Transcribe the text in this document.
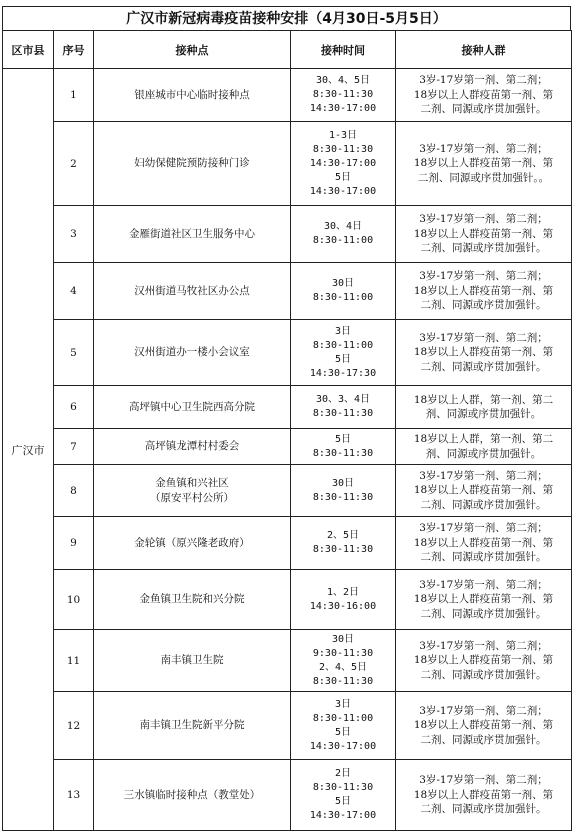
广汉市新冠病毒疫苗接种安排（4月30日-5月5日）
区市县	序号	接种点	接种时间	接种人群
广汉市	1	银座城市中心临时接种点	30、4、5日
8:30-11:30
14:30-17:00	3岁-17岁第一剂、第二剂；
18岁以上人群疫苗第一剂、第
二剂、同源或序贯加强针。

	2	妇幼保健院预防接种门诊	1-3日
8:30-11:30
14:30-17:00
5日
14:30-17:00	3岁-17岁第一剂、第二剂；
18岁以上人群疫苗第一剂、第
二剂、同源或序贯加强针。。

	3	金雁街道社区卫生服务中心	30、4日
8:30-11:00	3岁-17岁第一剂、第二剂；
18岁以上人群疫苗第一剂、第
二剂、同源或序贯加强针。

	4	汉州街道马牧社区办公点	30日
8:30-11:00	3岁-17岁第一剂、第二剂；
18岁以上人群疫苗第一剂、第
二剂、同源或序贯加强针。

	5	汉州街道办一楼小会议室	3日
8:30-11:00
5日
14:30-17:30	3岁-17岁第一剂、第二剂；
18岁以上人群疫苗第一剂、第
二剂、同源或序贯加强针。

	6	高坪镇中心卫生院西高分院	30、3、4日
8:30-11:30	18岁以上人群，第一剂、第二
剂、同源或序贯加强针。

	7	高坪镇龙潭村村委会	5日
8:30-11:30	18岁以上人群，第一剂、第二
剂、同源或序贯加强针。

	8	金鱼镇和兴社区
（原安平村公所）	30日
8:30-11:30	3岁-17岁第一剂、第二剂；
18岁以上人群疫苗第一剂、第
二剂、同源或序贯加强针。

	9	金轮镇（原兴隆老政府）	2、5日
8:30-11:30	3岁-17岁第一剂、第二剂；
18岁以上人群疫苗第一剂、第
二剂、同源或序贯加强针。

	10	金鱼镇卫生院和兴分院	1、2日
14:30-16:00	3岁-17岁第一剂、第二剂；
18岁以上人群疫苗第一剂、第
二剂、同源或序贯加强针。

	11	南丰镇卫生院	30日
9:30-11:30
2、4、5日
8:30-11:30	3岁-17岁第一剂、第二剂；
18岁以上人群疫苗第一剂、第
二剂、同源或序贯加强针。

	12	南丰镇卫生院新平分院	3日
8:30-11:00
5日
14:30-17:00	3岁-17岁第一剂、第二剂；
18岁以上人群疫苗第一剂、第
二剂、同源或序贯加强针。

	13	三水镇临时接种点（教堂处）	2日
8:30-11:30
5日
14:30-17:00	3岁-17岁第一剂、第二剂；
18岁以上人群疫苗第一剂、第
二剂、同源或序贯加强针。
